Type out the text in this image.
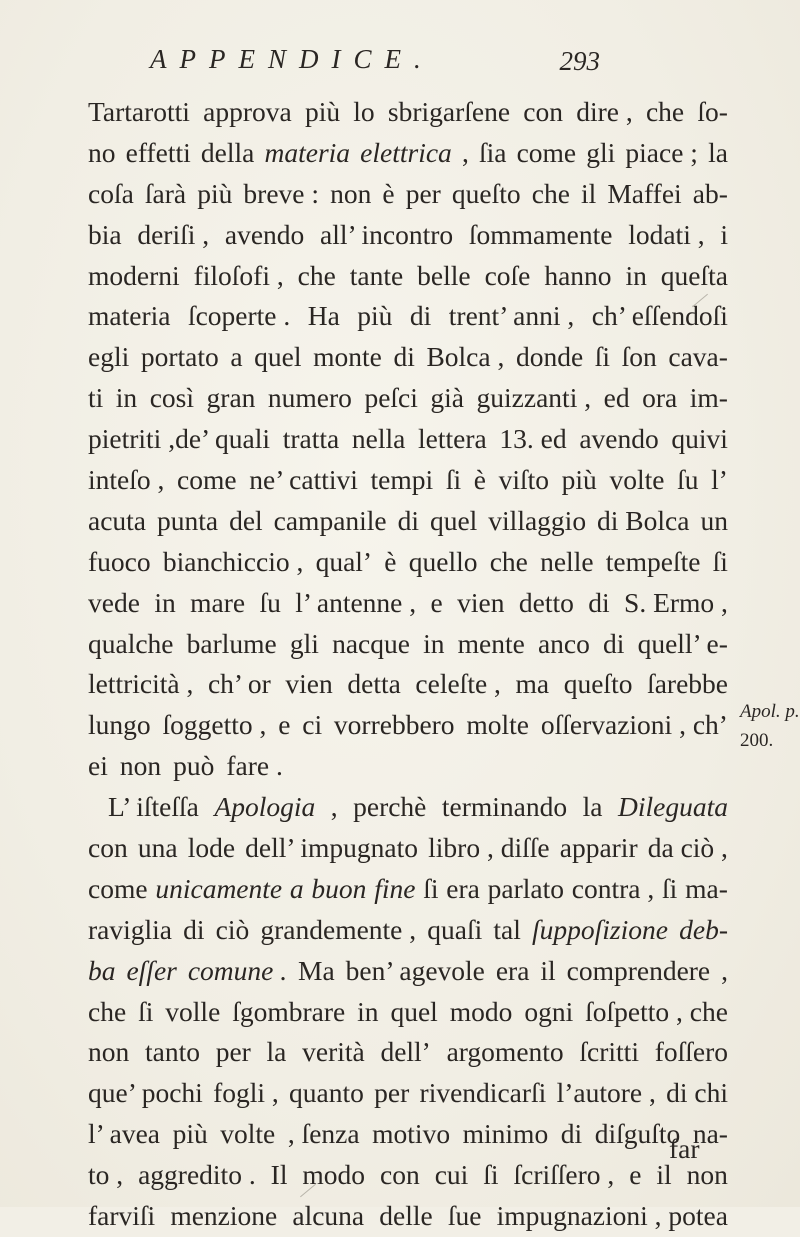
APPENDICE.	293
Tartarotti approva più lo sbrigarſene con dire , che ſo-
no effetti della materia elettrica , ſia come gli piace ; la
coſa ſarà più breve : non è per queſto che il Maffei ab-
bia deriſi , avendo all’ incontro ſommamente lodati , i
moderni filoſofi , che tante belle coſe hanno in queſta
materia ſcoperte . Ha più di trent’ anni , ch’ eſſendoſi
egli portato a quel monte di Bolca , donde ſi ſon cava-
ti in così gran numero peſci già guizzanti , ed ora im-
pietriti ,de’ quali tratta nella lettera 13. ed avendo quivi
inteſo , come ne’ cattivi tempi ſi è viſto più volte ſu l’
acuta punta del campanile di quel villaggio di Bolca un
fuoco bianchiccio , qual’ è quello che nelle tempeſte ſi
vede in mare ſu l’ antenne , e vien detto di S. Ermo ,
qualche barlume gli nacque in mente anco di quell’ e-
lettricità , ch’ or vien detta celeſte , ma queſto ſarebbe
lungo ſoggetto , e ci vorrebbero molte oſſervazioni , ch’
ei non può fare .
L’ iſteſſa Apologia , perchè terminando la Dileguata
con una lode dell’ impugnato libro , diſſe apparir da ciò ,
come unicamente a buon fine ſi era parlato contra , ſi ma-
raviglia di ciò grandemente , quaſi tal ſuppoſizione deb-
ba eſſer comune . Ma ben’ agevole era il comprendere ,
che ſi volle ſgombrare in quel modo ogni ſoſpetto , che
non tanto per la verità dell’ argomento ſcritti foſſero
que’ pochi fogli , quanto per rivendicarſi l’autore , di chi
l’ avea più volte , ſenza motivo minimo di diſguſto na-
to , aggredito . Il modo con cui ſi ſcriſſero , e il non
farviſi menzione alcuna delle ſue impugnazioni , potea
far
Apol. p.
200.
